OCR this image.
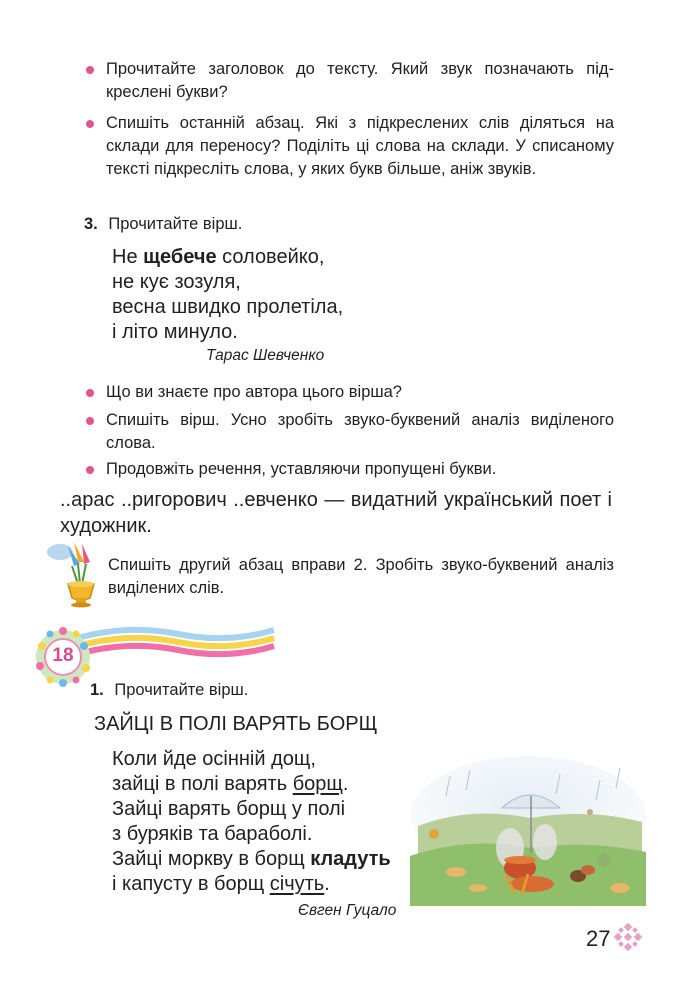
Прочитайте заголовок до тексту. Який звук позначають підкреслені букви?
Спишіть останній абзац. Які з підкреслених слів діляться на склади для переносу? Поділіть ці слова на склади. У списаному тексті підкресліть слова, у яких букв більше, аніж звуків.
3. Прочитайте вірш.
Не щебече соловейко,
не кує зозуля,
весна швидко пролетіла,
і літо минуло.
Тарас Шевченко
Що ви знаєте про автора цього вірша?
Спишіть вірш. Усно зробіть звуко-буквений аналіз виділеного слова.
Продовжіть речення, уставляючи пропущені букви.
..арас ..ригорович ..евченко — видатний український поет і художник.
Спишіть другий абзац вправи 2. Зробіть звуко-буквений аналіз виділених слів.
18
1. Прочитайте вірш.
ЗАЙЦІ В ПОЛІ ВАРЯТЬ БОРЩ
Коли йде осінній дощ,
зайці в полі варять борщ.
Зайці варять борщ у полі
з буряків та бараболі.
Зайці моркву в борщ кладуть
і капусту в борщ січуть.
Євген Гуцало
27
